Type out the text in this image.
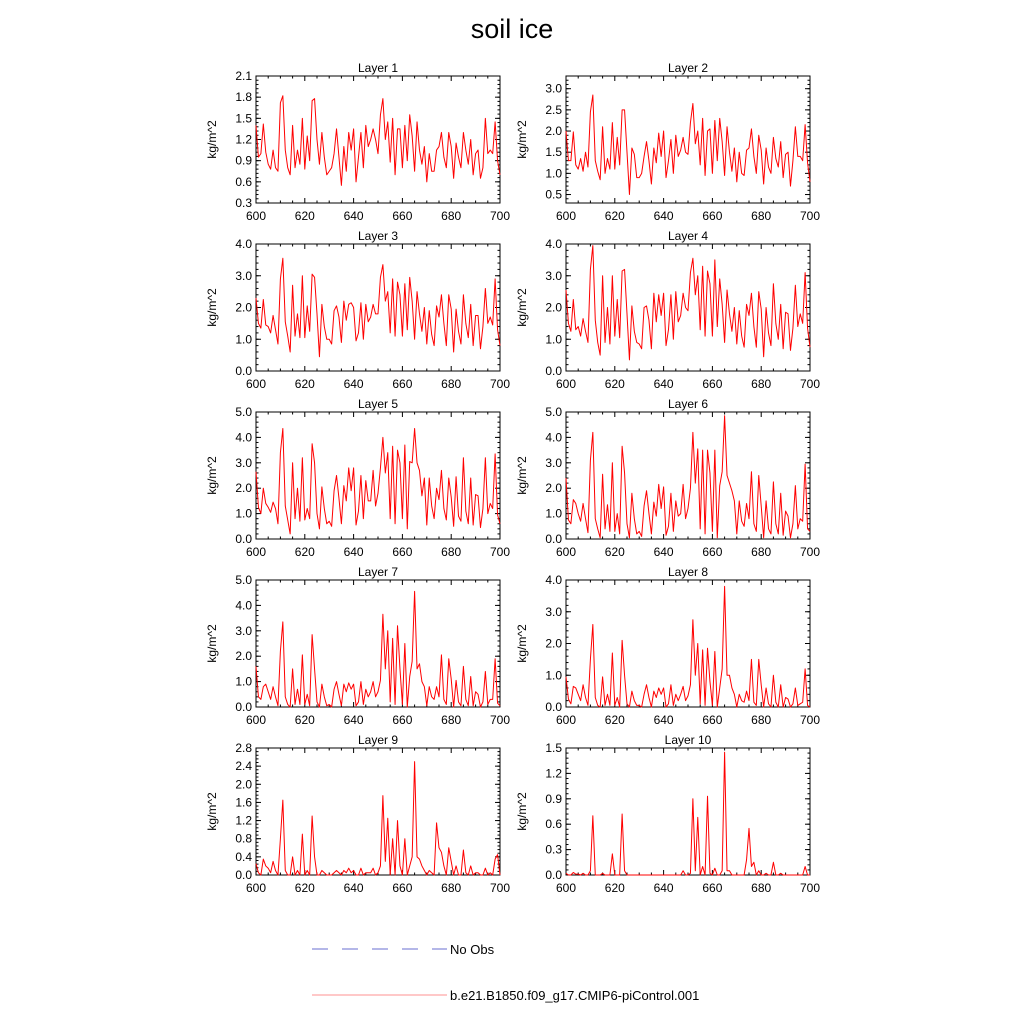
soil ice
Layer 1
0.3
0.6
0.9
1.2
1.5
1.8
2.1
600 620 640 660 680 700
kg/m^2
Layer 2
0.5
1.0
1.5
2.0
2.5
3.0
600 620 640 660 680 700
kg/m^2
Layer 3
0.0
1.0
2.0
3.0
4.0
600 620 640 660 680 700
kg/m^2
Layer 4
0.0
1.0
2.0
3.0
4.0
600 620 640 660 680 700
kg/m^2
Layer 5
0.0
1.0
2.0
3.0
4.0
5.0
600 620 640 660 680 700
kg/m^2
Layer 6
0.0
1.0
2.0
3.0
4.0
5.0
600 620 640 660 680 700
kg/m^2
Layer 7
0.0
1.0
2.0
3.0
4.0
5.0
600 620 640 660 680 700
kg/m^2
Layer 8
0.0
1.0
2.0
3.0
4.0
600 620 640 660 680 700
kg/m^2
Layer 9
0.0
0.4
0.8
1.2
1.6
2.0
2.4
2.8
600 620 640 660 680 700
kg/m^2
Layer 10
0.0
0.3
0.6
0.9
1.2
1.5
600 620 640 660 680 700
kg/m^2
No Obs
b.e21.B1850.f09_g17.CMIP6-piControl.001
